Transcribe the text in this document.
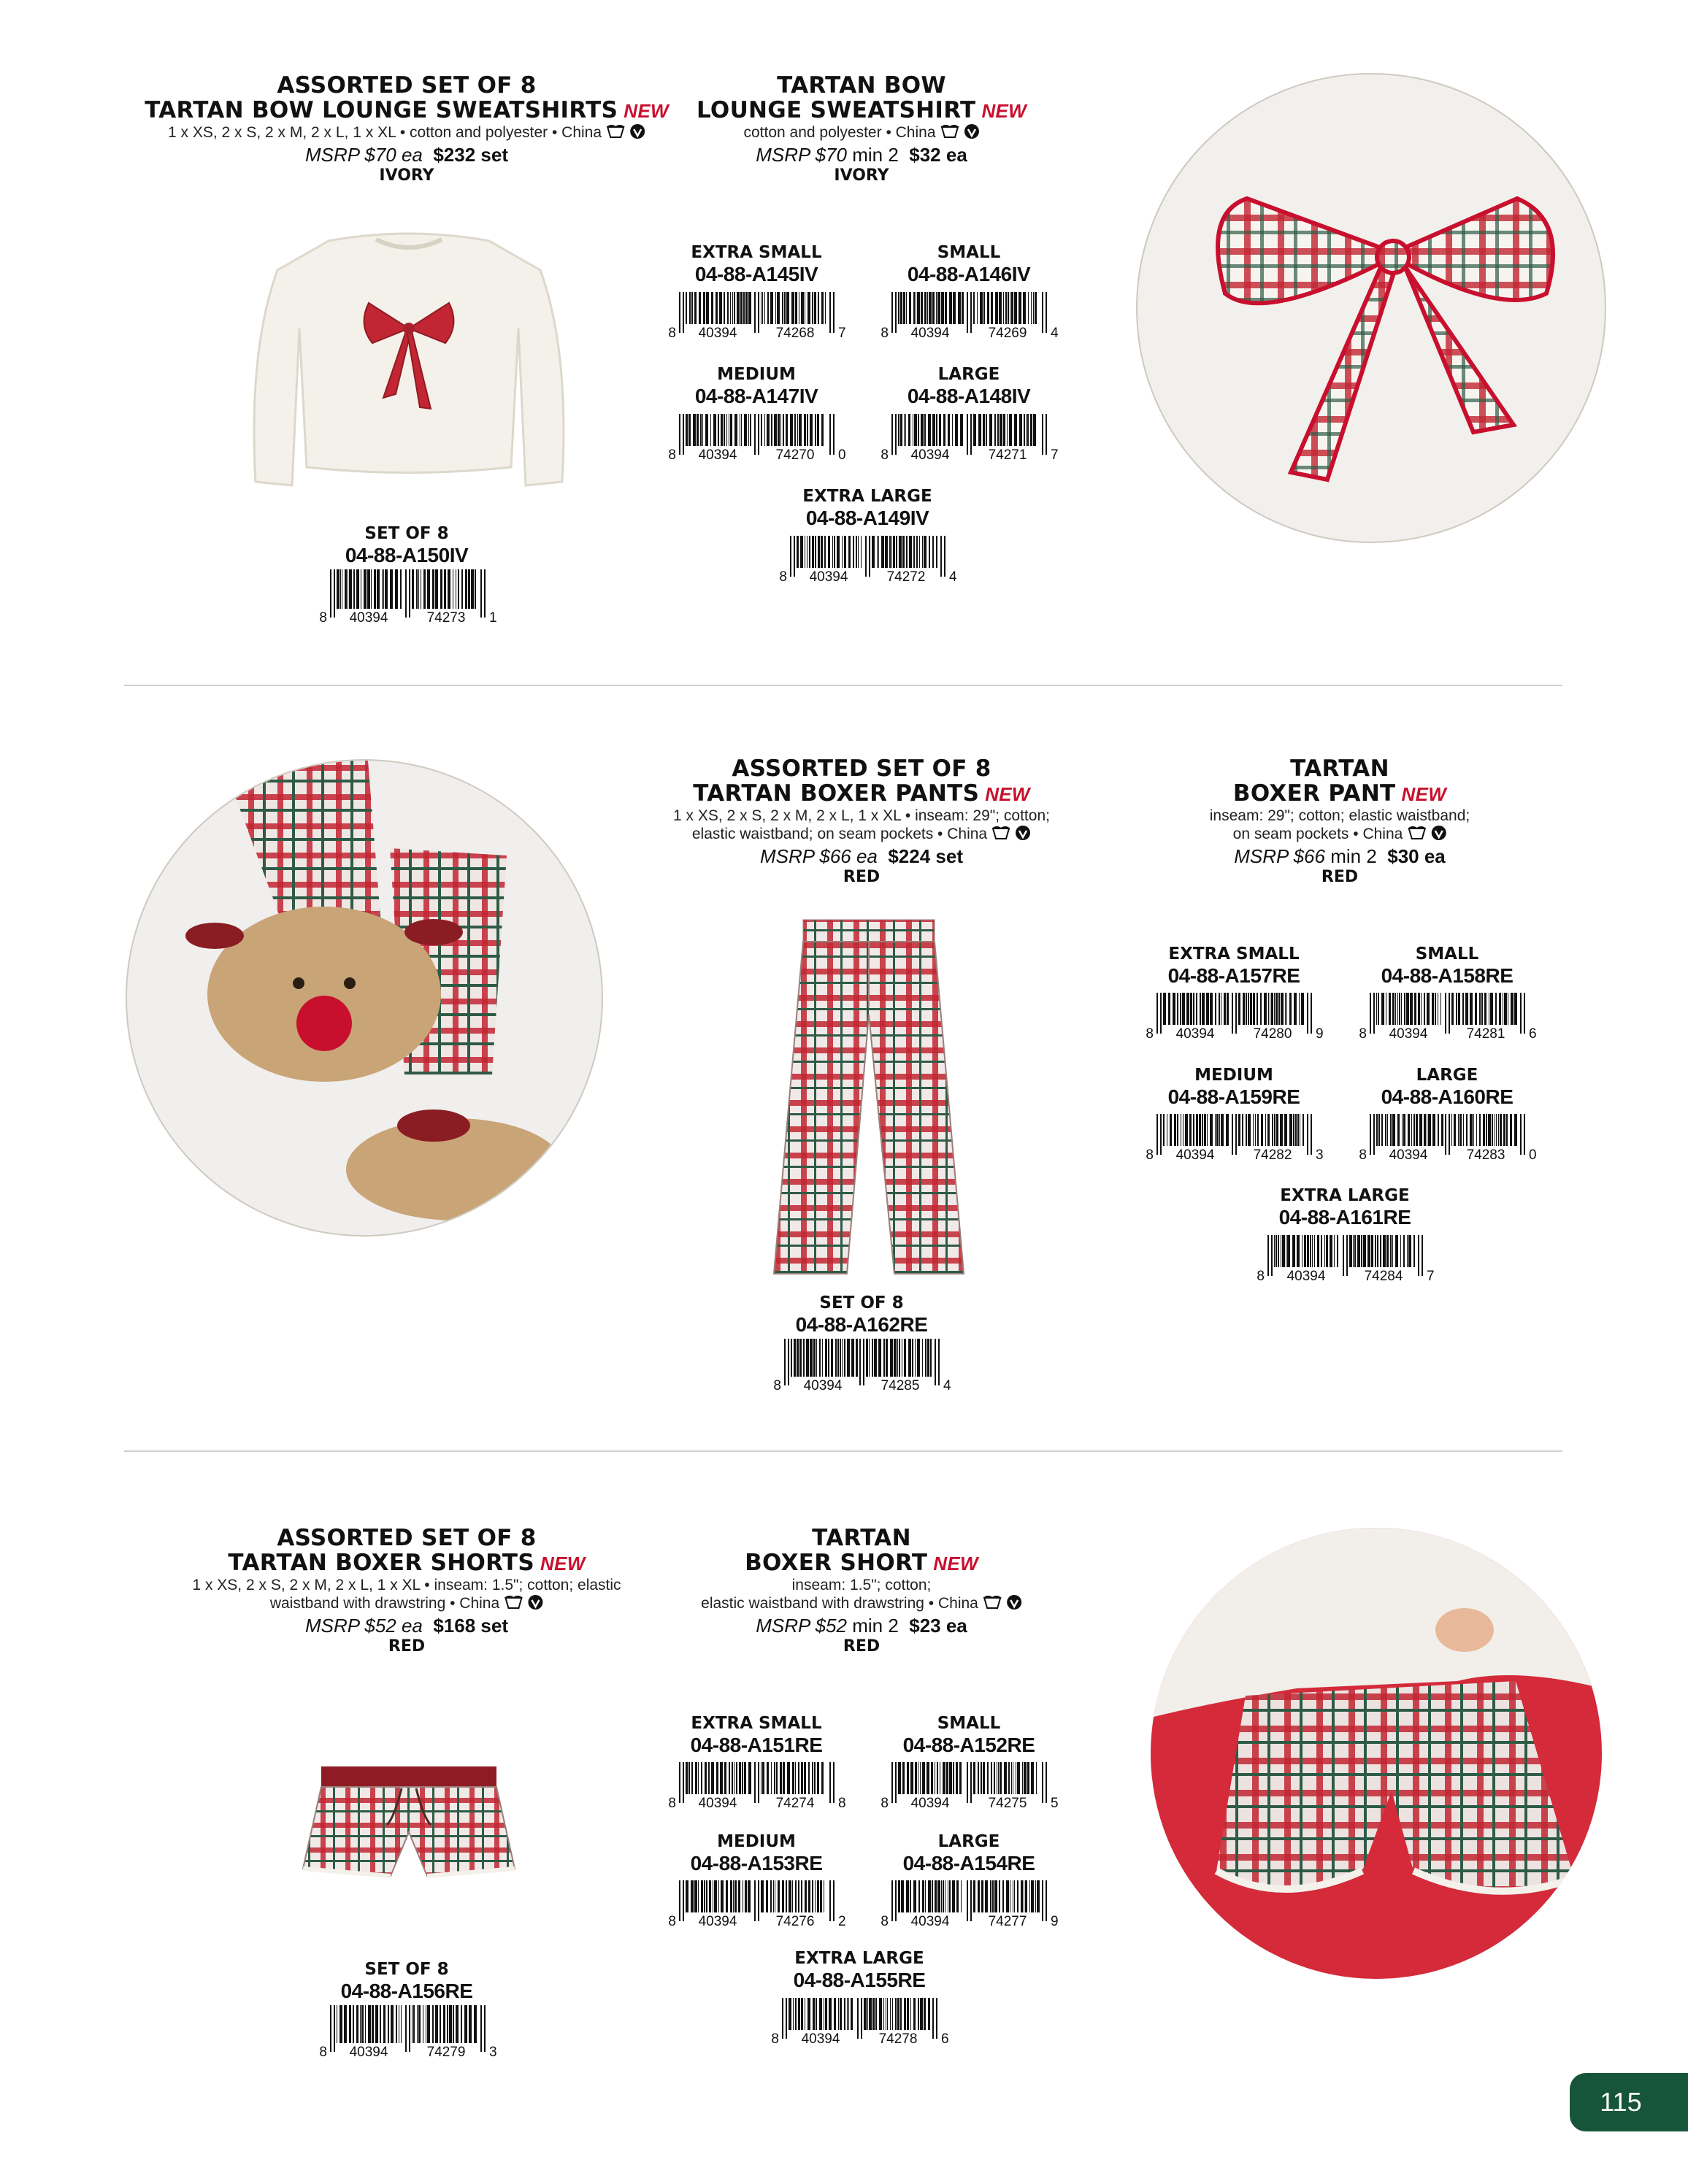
ASSORTED SET OF 8
TARTAN BOW LOUNGE SWEATSHIRTS NEW
1 x XS, 2 x S, 2 x M, 2 x L, 1 x XL • cotton and polyester • China
MSRP $70 ea $232 set
IVORY
TARTAN BOW
LOUNGE SWEATSHIRT NEW
cotton and polyester • China
MSRP $70 min 2 $32 ea
IVORY
SET OF 8
04-88-A150IV
8 40394	74273 1
EXTRA SMALL
04-88-A145IV
8 40394	74268 7
SMALL
04-88-A146IV
8 40394	74269 4
MEDIUM
04-88-A147IV
8 40394	74270 0
LARGE
04-88-A148IV
8 40394	74271 7
EXTRA LARGE
04-88-A149IV
8 40394	74272 4
ASSORTED SET OF 8
TARTAN BOXER PANTS NEW
1 x XS, 2 x S, 2 x M, 2 x L, 1 x XL • inseam: 29"; cotton;
elastic waistband; on seam pockets • China
MSRP $66 ea $224 set
RED
TARTAN
BOXER PANT NEW
inseam: 29"; cotton; elastic waistband;
on seam pockets • China
MSRP $66 min 2 $30 ea
RED
SET OF 8
04-88-A162RE
8 40394	74285 4
EXTRA SMALL
04-88-A157RE
8 40394	74280 9
SMALL
04-88-A158RE
8 40394	74281 6
MEDIUM
04-88-A159RE
8 40394	74282 3
LARGE
04-88-A160RE
8 40394	74283 0
EXTRA LARGE
04-88-A161RE
8 40394	74284 7
ASSORTED SET OF 8
TARTAN BOXER SHORTS NEW
1 x XS, 2 x S, 2 x M, 2 x L, 1 x XL • inseam: 1.5"; cotton; elastic
waistband with drawstring • China
MSRP $52 ea $168 set
RED
TARTAN
BOXER SHORT NEW
inseam: 1.5"; cotton;
elastic waistband with drawstring • China
MSRP $52 min 2 $23 ea
RED
SET OF 8
04-88-A156RE
8 40394	74279 3
EXTRA SMALL
04-88-A151RE
8 40394	74274 8
SMALL
04-88-A152RE
8 40394	74275 5
MEDIUM
04-88-A153RE
8 40394	74276 2
LARGE
04-88-A154RE
8 40394	74277 9
EXTRA LARGE
04-88-A155RE
8 40394	74278 6
115
